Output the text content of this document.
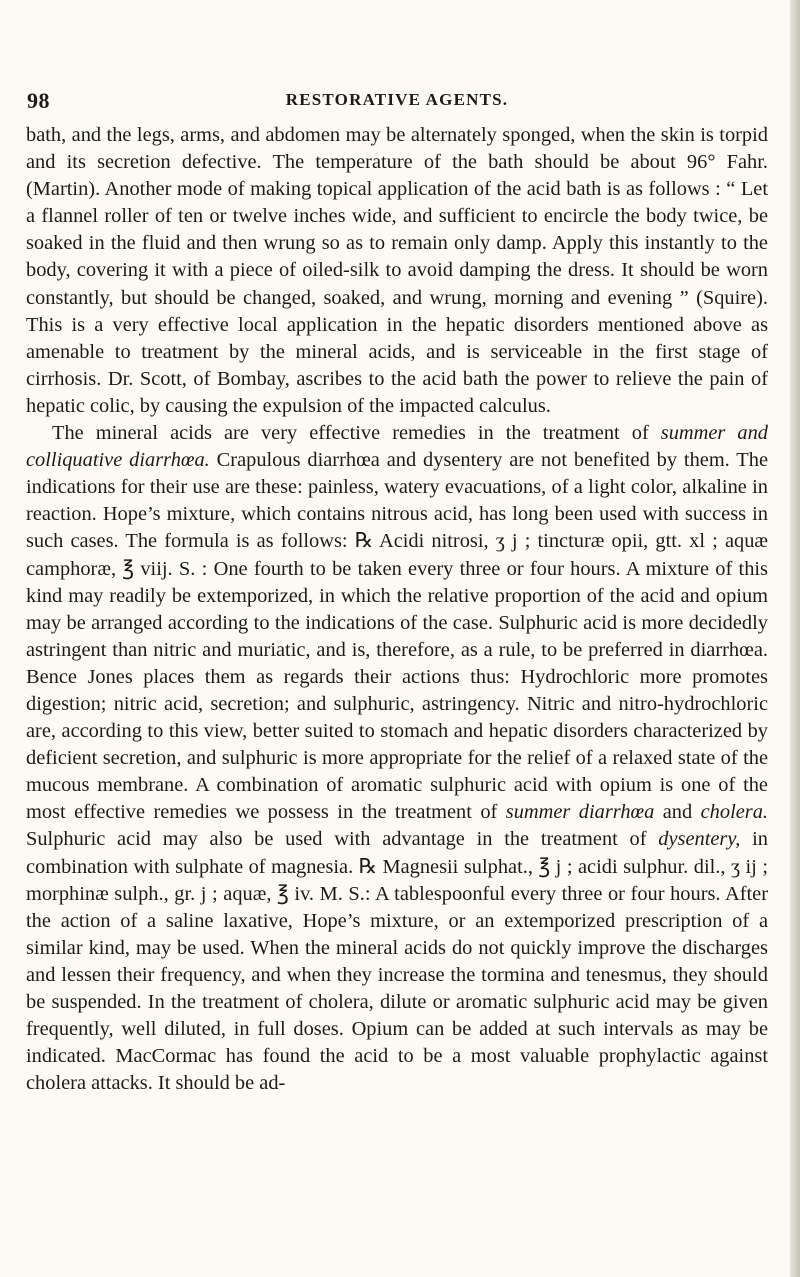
98	RESTORATIVE AGENTS.

bath, and the legs, arms, and abdomen may be alternately sponged, when the skin is torpid and its secretion defective. The temperature of the bath should be about 96° Fahr. (Martin). Another mode of making topical application of the acid bath is as follows : “ Let a flannel roller of ten or twelve inches wide, and sufficient to encircle the body twice, be soaked in the fluid and then wrung so as to remain only damp. Apply this instantly to the body, covering it with a piece of oiled-silk to avoid damping the dress. It should be worn constantly, but should be changed, soaked, and wrung, morning and evening ” (Squire). This is a very effective local application in the hepatic disorders mentioned above as amenable to treatment by the mineral acids, and is serviceable in the first stage of cirrhosis. Dr. Scott, of Bombay, ascribes to the acid bath the power to relieve the pain of hepatic colic, by causing the expulsion of the impacted calculus.

The mineral acids are very effective remedies in the treatment of summer and colliquative diarrhœa. Crapulous diarrhœa and dysentery are not benefited by them. The indications for their use are these: painless, watery evacuations, of a light color, alkaline in reaction. Hope’s mixture, which contains nitrous acid, has long been used with success in such cases. The formula is as follows: ℞ Acidi nitrosi, ʒ j ; tincturæ opii, gtt. xl ; aquæ camphoræ, ℥ viij. S. : One fourth to be taken every three or four hours. A mixture of this kind may readily be extemporized, in which the relative proportion of the acid and opium may be arranged according to the indications of the case. Sulphuric acid is more decidedly astringent than nitric and muriatic, and is, therefore, as a rule, to be preferred in diarrhœa. Bence Jones places them as regards their actions thus: Hydrochloric more promotes digestion; nitric acid, secretion; and sulphuric, astringency. Nitric and nitro-hydrochloric are, according to this view, better suited to stomach and hepatic disorders characterized by deficient secretion, and sulphuric is more appropriate for the relief of a relaxed state of the mucous membrane. A combination of aromatic sulphuric acid with opium is one of the most effective remedies we possess in the treatment of summer diarrhœa and cholera. Sulphuric acid may also be used with advantage in the treatment of dysentery, in combination with sulphate of magnesia. ℞ Magnesii sulphat., ℥ j ; acidi sulphur. dil., ʒ ij ; morphinæ sulph., gr. j ; aquæ, ℥ iv. M. S.: A tablespoonful every three or four hours. After the action of a saline laxative, Hope’s mixture, or an extemporized prescription of a similar kind, may be used. When the mineral acids do not quickly improve the discharges and lessen their frequency, and when they increase the tormina and tenesmus, they should be suspended. In the treatment of cholera, dilute or aromatic sulphuric acid may be given frequently, well diluted, in full doses. Opium can be added at such intervals as may be indicated. MacCormac has found the acid to be a most valuable prophylactic against cholera attacks. It should be ad-
